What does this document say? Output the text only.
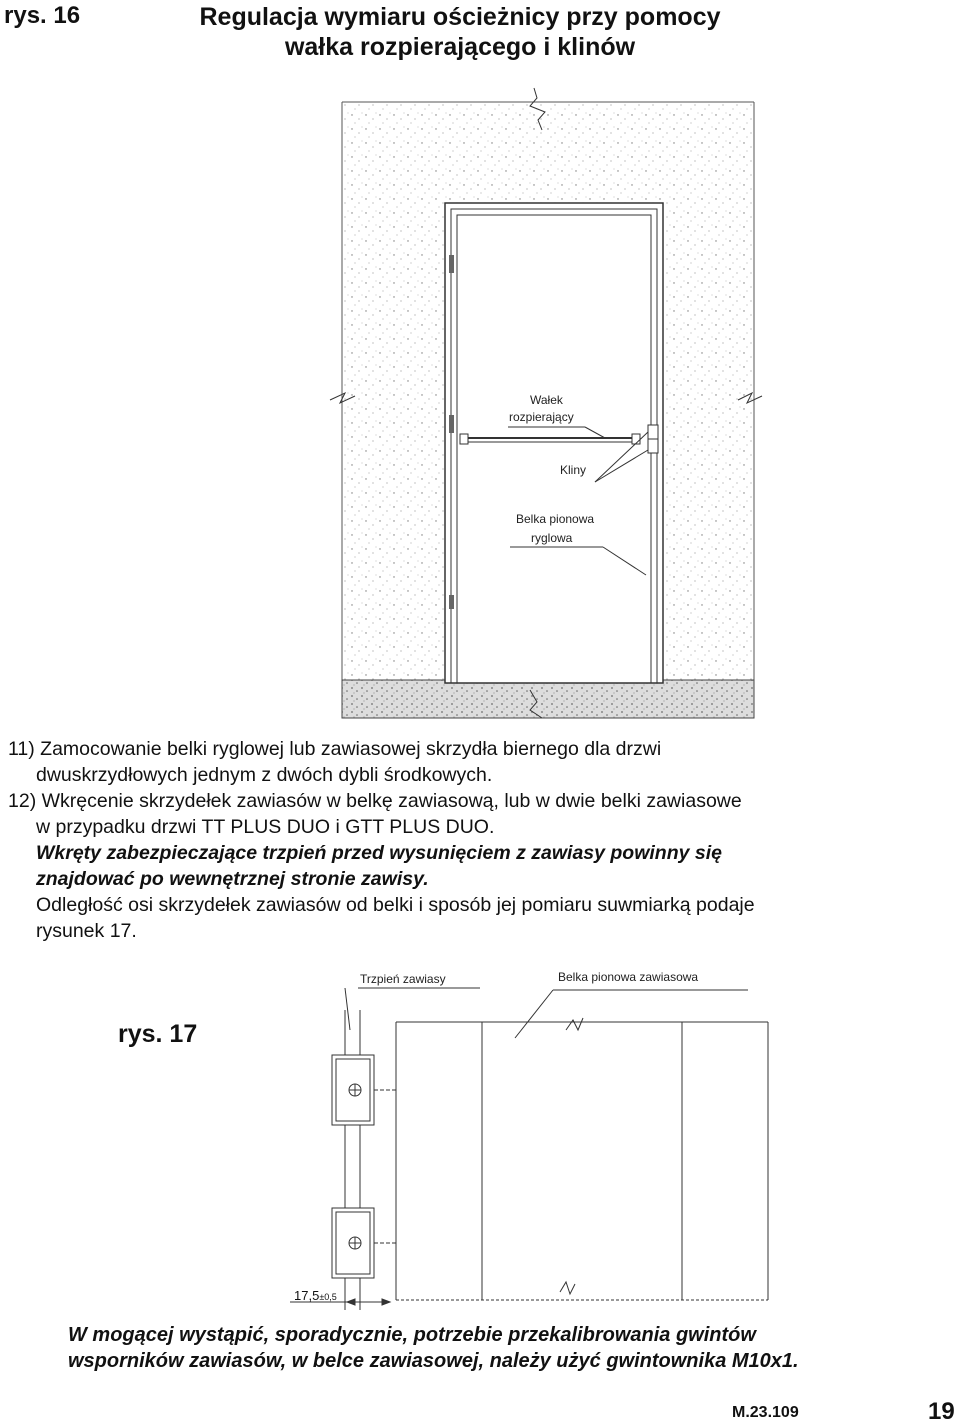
rys. 16	Regulacja wymiaru ościeżnicy przy pomocy
wałka rozpierającego i klinów
Wałek
rozpierający
Kliny
Belka pionowa
ryglowa
11) Zamocowanie belki ryglowej lub zawiasowej skrzydła biernego dla drzwi
dwuskrzydłowych jednym z dwóch dybli środkowych.
12) Wkręcenie skrzydełek zawiasów w belkę zawiasową, lub w dwie belki zawiasowe
w przypadku drzwi TT PLUS DUO i GTT PLUS DUO.
Wkręty zabezpieczające trzpień przed wysunięciem z zawiasy powinny się
znajdować po wewnętrznej stronie zawisy.
Odległość osi skrzydełek zawiasów od belki i sposób jej pomiaru suwmiarką podaje
rysunek 17.
rys. 17
Trzpień zawiasy	Belka pionowa zawiasowa
17,5±0,5
W mogącej wystąpić, sporadycznie, potrzebie przekalibrowania gwintów
wsporników zawiasów, w belce zawiasowej, należy użyć gwintownika M10x1.
M.23.109	19
